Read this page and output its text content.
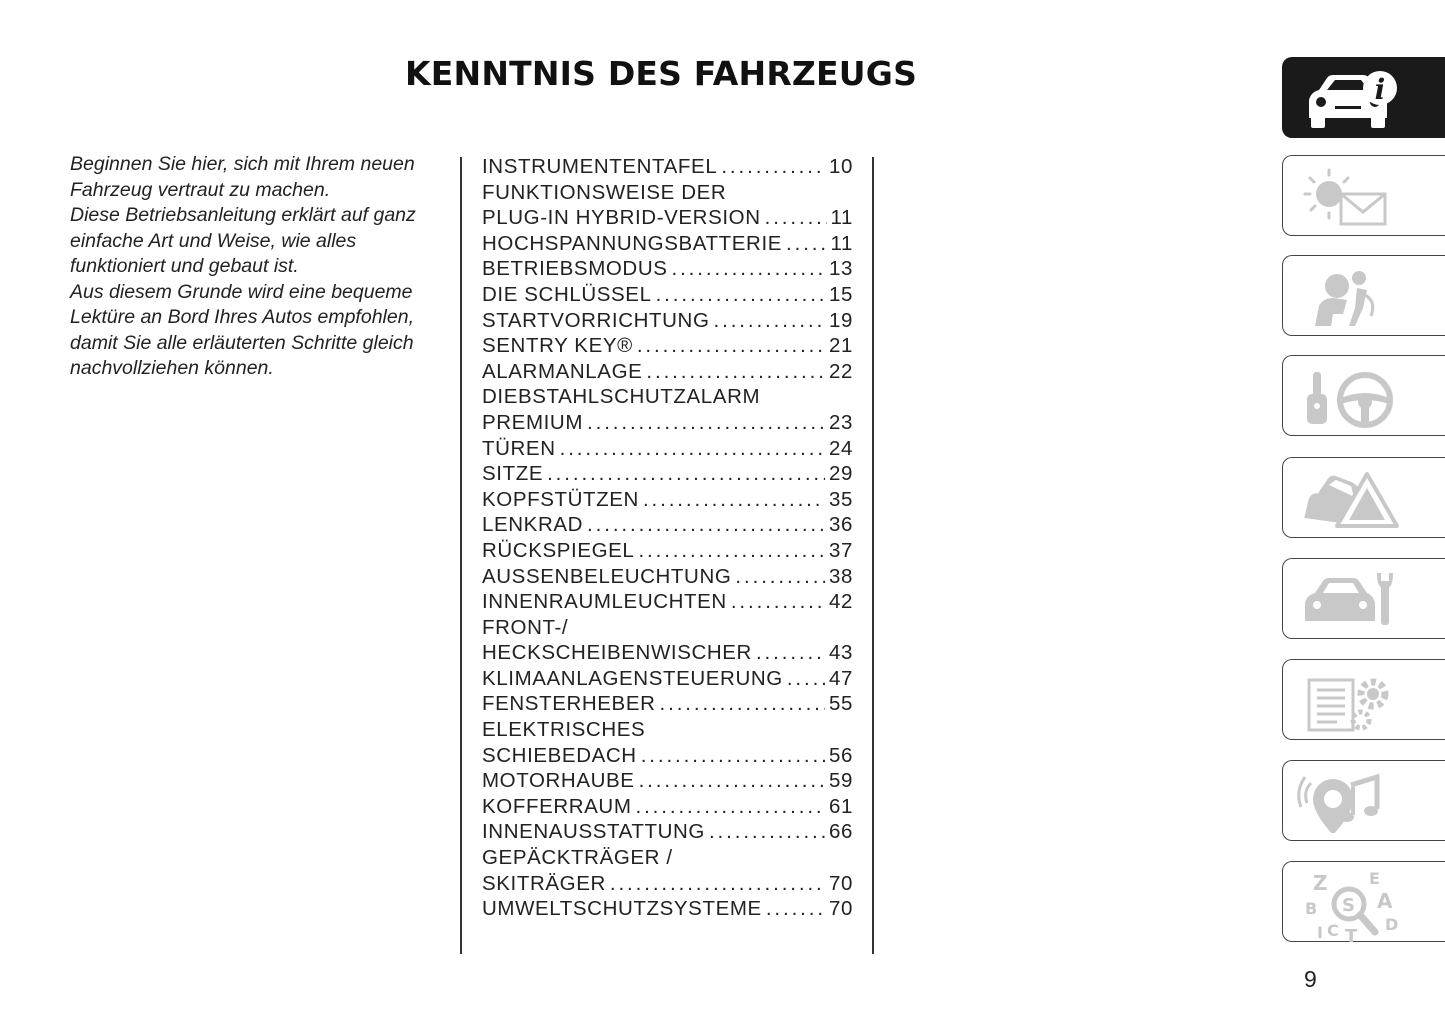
KENNTNIS DES FAHRZEUGS

Beginnen Sie hier, sich mit Ihrem neuen Fahrzeug vertraut zu machen.

Diese Betriebsanleitung erklärt auf ganz einfache Art und Weise, wie alles funktioniert und gebaut ist.

Aus diesem Grunde wird eine bequeme Lektüre an Bord Ihres Autos empfohlen, damit Sie alle erläuterten Schritte gleich nachvollziehen können.

INSTRUMENTENTAFEL . . .	10
FUNKTIONSWEISE DER
PLUG-IN HYBRID-VERSION . . .	11
HOCHSPANNUNGSBATTERIE . . . 11
BETRIEBSMODUS . . .	13
DIE SCHLÜSSEL . . .	15
STARTVORRICHTUNG . . .	19
SENTRY KEY® . . .	21
ALARMANLAGE . . .	22
DIEBSTAHLSCHUTZALARM
PREMIUM . . .	23
TÜREN . . .	24
SITZE . . .	29
KOPFSTÜTZEN . . .	35
LENKRAD . . .	36
RÜCKSPIEGEL . . .	37
AUSSENBELEUCHTUNG . . .	38
INNENRAUMLEUCHTEN . . .	42
FRONT-/
HECKSCHEIBENWISCHER . . .	43
KLIMAANLAGENSTEUERUNG . . . 47
FENSTERHEBER . . .	55
ELEKTRISCHES
SCHIEBEDACH . . .	56
MOTORHAUBE . . .	59
KOFFERRAUM . . .	61
INNENAUSSTATTUNG . . .	66
GEPÄCKTRÄGER /
SKITRÄGER . . .	70
UMWELTSCHUTZSYSTEME . . .	70
i
Z	E
B	A
I C T
D
S
9
